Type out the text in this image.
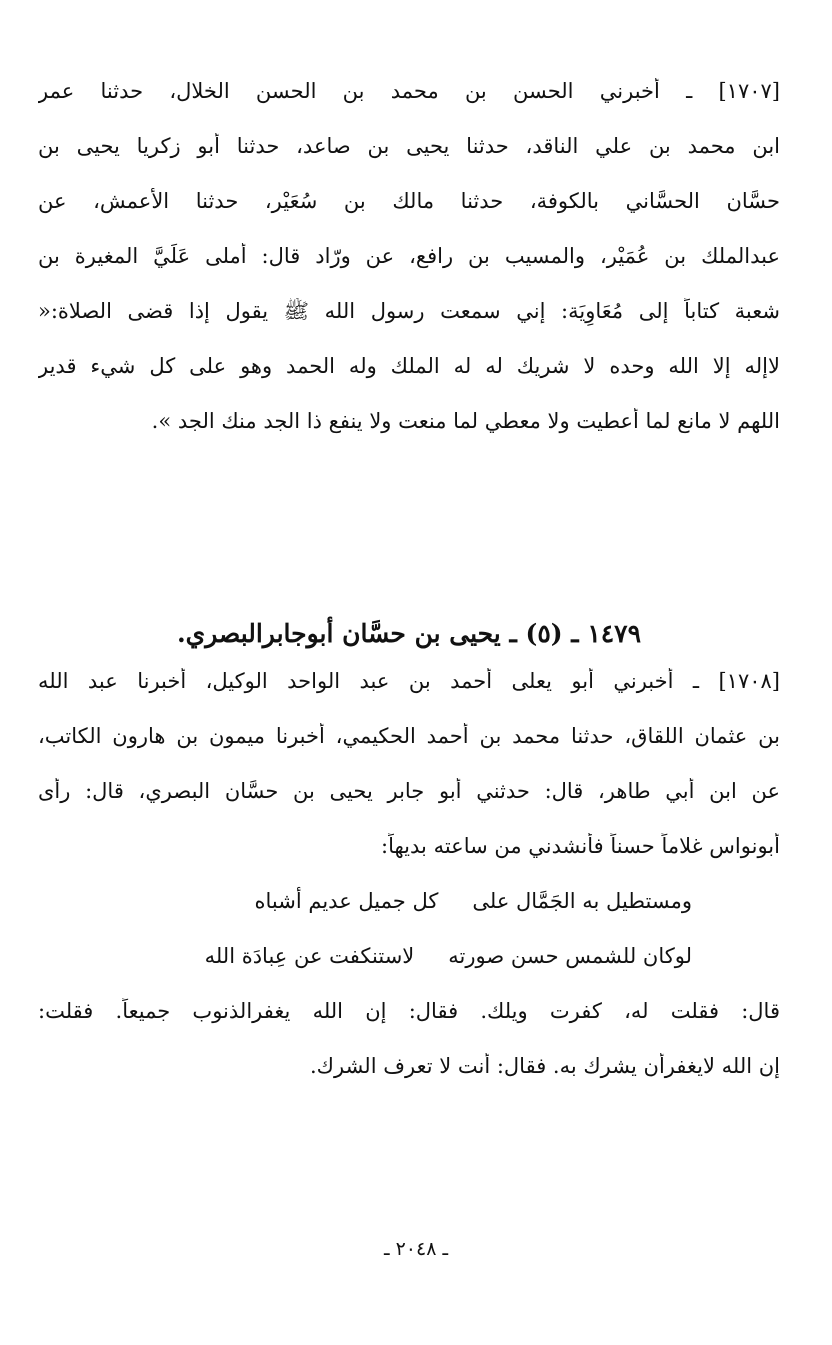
[١٧٠٧] ـ أخبرني الحسن بن محمد بن الحسن الخلال، حدثنا عمر
ابن محمد بن علي الناقد، حدثنا يحيى بن صاعد، حدثنا أبو زكريا يحيى بن
حسَّان الحسَّاني بالكوفة، حدثنا مالك بن سُعَيْر، حدثنا الأعمش، عن
عبدالملك بن عُمَيْر، والمسيب بن رافع، عن ورّاد قال: أملى عَلَيَّ المغيرة بن
شعبة كتاباً إلى مُعَاوِيَة: إني سمعت رسول الله ﷺ يقول إذا قضى الصلاة:«
لاإله إلا الله وحده لا شريك له له الملك وله الحمد وهو على كل شيء قدير
اللهم لا مانع لما أعطيت ولا معطي لما منعت ولا ينفع ذا الجد منك الجد ».
١٤٧٩ ـ (٥) ـ يحيى بن حسَّان أبوجابرالبصري.
[١٧٠٨] ـ أخبرني أبو يعلى أحمد بن عبد الواحد الوكيل، أخبرنا عبد الله
بن عثمان اللقاق، حدثنا محمد بن أحمد الحكيمي، أخبرنا ميمون بن هارون الكاتب،
عن ابن أبي طاهر، قال: حدثني أبو جابر يحيى بن حسَّان البصري، قال: رأى
أبونواس غلاماً حسناً فأنشدني من ساعته بديهاً:
ومستطيل به الجَمَّال على
كل جميل عديم أشباه
لوكان للشمس حسن صورته
لاستنكفت عن عِبادَة الله
قال: فقلت له، كفرت ويلك. فقال: إن الله يغفرالذنوب جميعاً. فقلت:
إن الله لايغفرأن يشرك به. فقال: أنت لا تعرف الشرك.
ـ ٢٠٤٨ ـ
